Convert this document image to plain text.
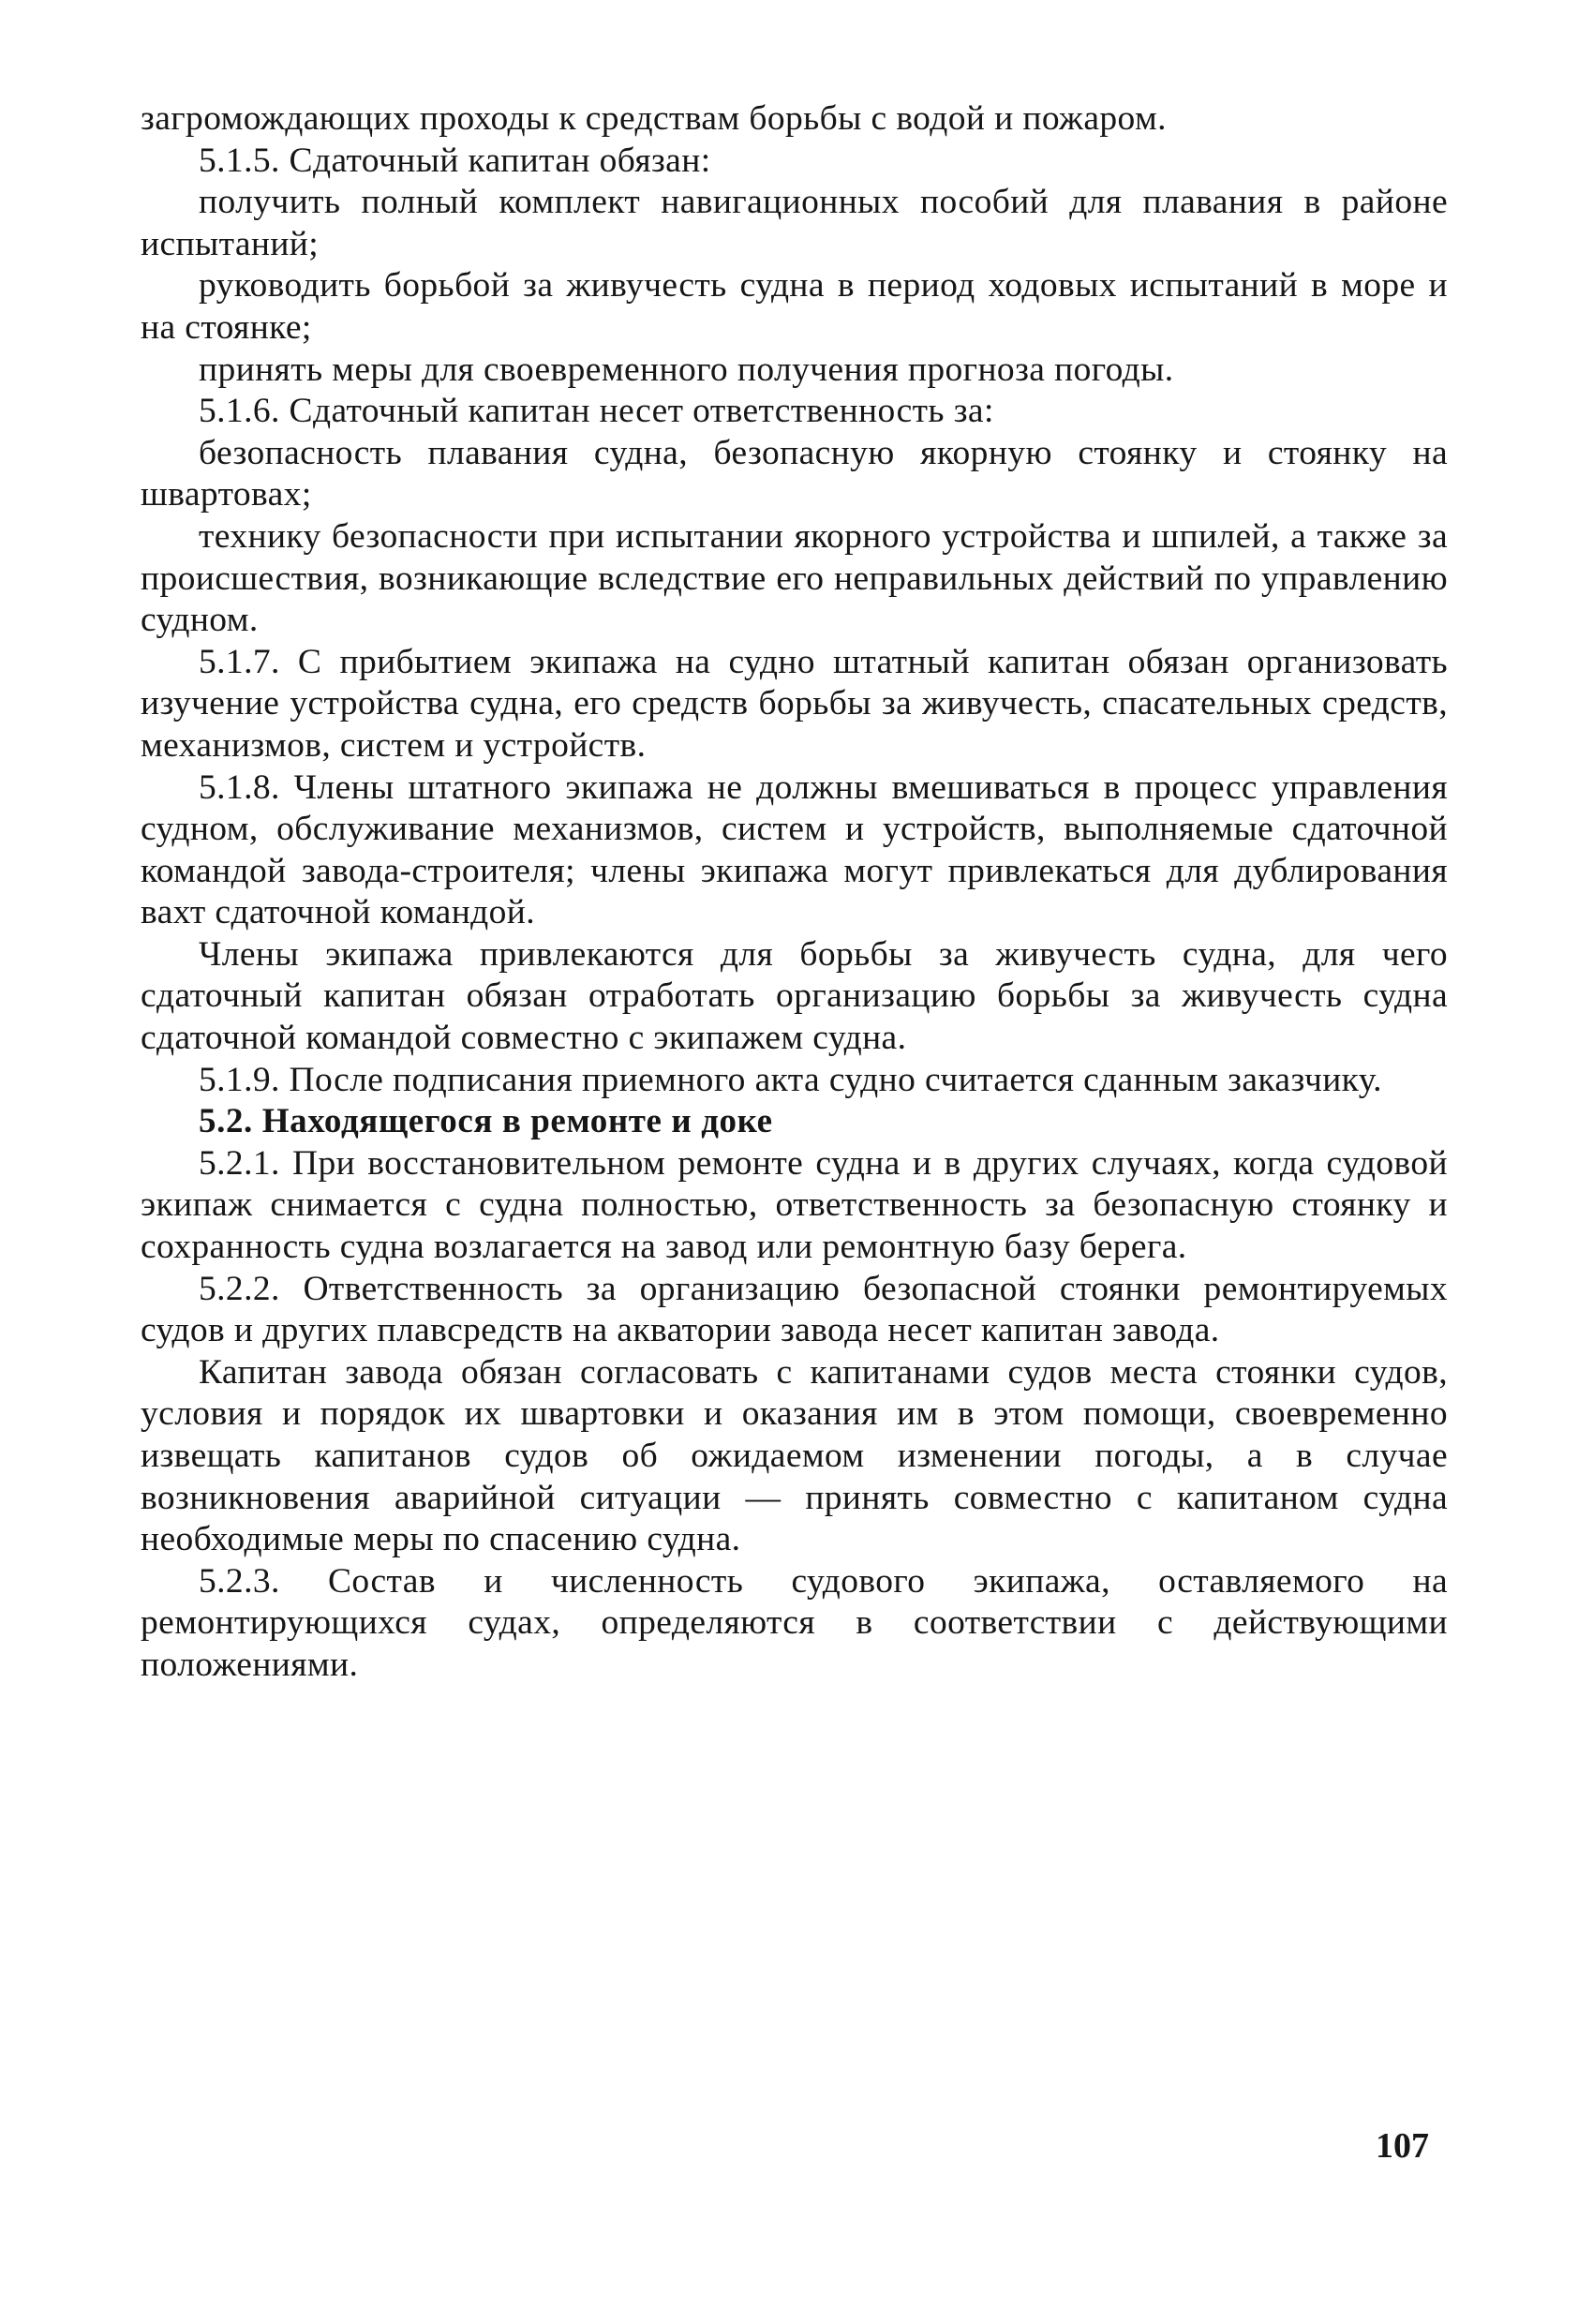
загромождающих проходы к средствам борьбы с водой и пожаром.

5.1.5. Сдаточный капитан обязан:

получить полный комплект навигационных пособий для плавания в районе испытаний;

руководить борьбой за живучесть судна в период ходовых испытаний в море и на стоянке;

принять меры для своевременного получения прогноза погоды.

5.1.6. Сдаточный капитан несет ответственность за:

безопасность плавания судна, безопасную якорную стоянку и стоянку на швартовах;

технику безопасности при испытании якорного устройства и шпилей, а также за происшествия, возникающие вследствие его неправильных действий по управлению судном.

5.1.7. С прибытием экипажа на судно штатный капитан обязан организовать изучение устройства судна, его средств борьбы за живучесть, спасательных средств, механизмов, систем и устройств.

5.1.8. Члены штатного экипажа не должны вмешиваться в процесс управления судном, обслуживание механизмов, систем и устройств, выполняемые сдаточной командой завода-строителя; члены экипажа могут привлекаться для дублирования вахт сдаточной командой.

Члены экипажа привлекаются для борьбы за живучесть судна, для чего сдаточный капитан обязан отработать организацию борьбы за живучесть судна сдаточной командой совместно с экипажем судна.

5.1.9. После подписания приемного акта судно считается сданным заказчику.

5.2. Находящегося в ремонте и доке

5.2.1. При восстановительном ремонте судна и в других случаях, когда судовой экипаж снимается с судна полностью, ответственность за безопасную стоянку и сохранность судна возлагается на завод или ремонтную базу берега.

5.2.2. Ответственность за организацию безопасной стоянки ремонтируемых судов и других плавсредств на акватории завода несет капитан завода.

Капитан завода обязан согласовать с капитанами судов места стоянки судов, условия и порядок их швартовки и оказания им в этом помощи, своевременно извещать капитанов судов об ожидаемом изменении погоды, а в случае возникновения аварийной ситуации — принять совместно с капитаном судна необходимые меры по спасению судна.

5.2.3. Состав и численность судового экипажа, оставляемого на ремонтирующихся судах, определяются в соответствии с действующими положениями.

107
